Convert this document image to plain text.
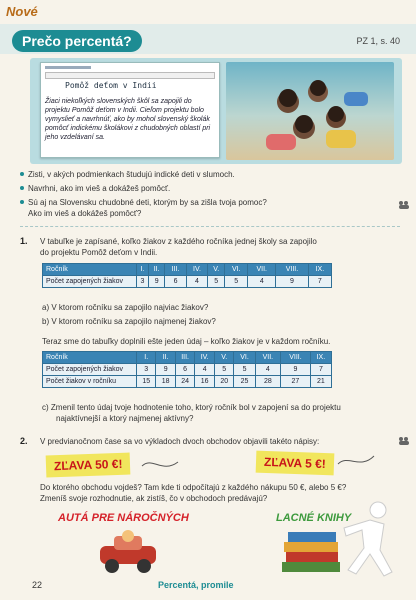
Nové
Prečo percentá?	PZ 1, s. 40
Pomôž deťom v Indii
Žiaci niekoľkých slovenských škôl sa zapojili do projektu Pomôž deťom v Indii. Cieľom projektu bolo vymyslieť a navrhnúť, ako by mohol slovenský školák pomôcť indickému školákovi z chudobných oblastí pri jeho vzdelávaní sa.
Zisti, v akých podmienkach študujú indické deti v slumoch.
Navrhni, ako im vieš a dokážeš pomôcť.
Sú aj na Slovensku chudobné deti, ktorým by sa zišla tvoja pomoc?
Ako im vieš a dokážeš pomôcť?
1. V tabuľke je zapísané, koľko žiakov z každého ročníka jednej školy sa zapojilo
do projektu Pomôž deťom v Indii.
Ročník	I.	II.	III.	IV.	V.	VI.	VII.	VIII.	IX.
Počet zapojených žiakov	3	9	6	4	5	5	4	9	7
a) V ktorom ročníku sa zapojilo najviac žiakov?
b) V ktorom ročníku sa zapojilo najmenej žiakov?
Teraz sme do tabuľky doplnili ešte jeden údaj – koľko žiakov je v každom ročníku.
Ročník	I.	II.	III.	IV.	V.	VI.	VII.	VIII.	IX.
Počet zapojených žiakov	3	9	6	4	5	5	4	9	7
Počet žiakov v ročníku	15	18	24	16	20	25	28	27	21
c) Zmenil tento údaj tvoje hodnotenie toho, ktorý ročník bol v zapojení sa do projektu
najaktívnejší a ktorý najmenej aktívny?
2. V predvianočnom čase sa vo výkladoch dvoch obchodov objavili takéto nápisy:
ZĽAVA 50 €!	ZĽAVA 5 €!
Do ktorého obchodu vojdeš? Tam kde ti odpočítajú z každého nákupu 50 €, alebo 5 €?
Zmeníš svoje rozhodnutie, ak zistíš, čo v obchodoch predávajú?
AUTÁ PRE NÁROČNÝCH	LACNÉ KNIHY
22	Percentá, promile
